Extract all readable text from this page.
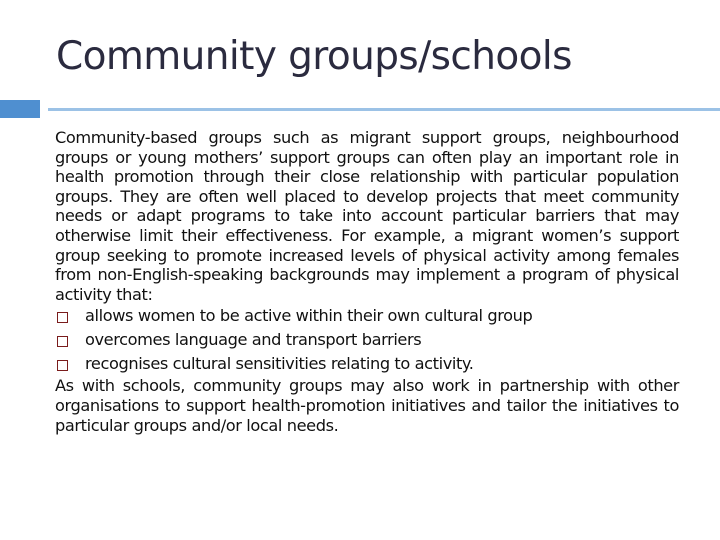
Community groups/schools

Community-based groups such as migrant support groups, neighbourhood groups or young mothers’ support groups can often play an important role in health promotion through their close relationship with particular population groups. They are often well placed to develop projects that meet community needs or adapt programs to take into account particular barriers that may otherwise limit their effectiveness. For example, a migrant women’s support group seeking to promote increased levels of physical activity among females from non-English-speaking backgrounds may implement a program of physical activity that:

allows women to be active within their own cultural group
overcomes language and transport barriers
recognises cultural sensitivities relating to activity.

As with schools, community groups may also work in partnership with other organisations to support health-promotion initiatives and tailor the initiatives to particular groups and/or local needs.
